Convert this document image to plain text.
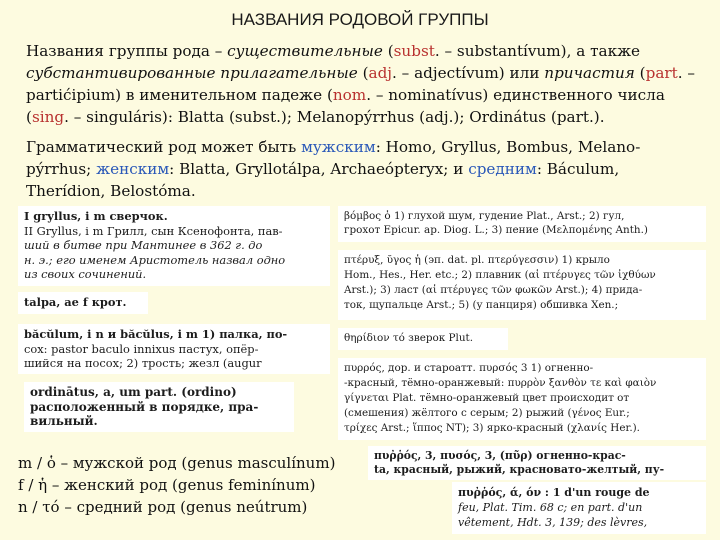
НАЗВАНИЯ РОДОВОЙ ГРУППЫ
Названия группы рода – существительные (subst. – substantívum), а также субстантивированные прилагательные (adj. – adjectívum) или причастия (part. – partićipium) в именительном падеже (nom. – nominatívus) единственного числа (sing. – singuláris): Blatta (subst.); Melanopýrrhus (adj.); Ordinátus (part.).
Грамматический род может быть мужским: Homo, Gryllus, Bombus, Melano-pýrrhus; женским: Blatta, Gryllotálpa, Archaeópteryx; и средним: Báculum, Therídion, Belostóma.
I gryllus, i m сверчок.
II Gryllus, i m Грилл, сын Ксенофонта, пав-
ший в битве при Мантинее в 362 г. до
н. э.; его именем Аристотель назвал одно
из своих сочинений.
talpa, ae f крот.
băcŭlum, i n и băcŭlus, i m 1) палка, по-
cox: pastor baculo innixus пастух, опёр-
шийся на посох; 2) трость; жезл (augur
ordinātus, a, um part. (ordino)
расположенный в порядке, пра-
вильный.
βόμβος ὁ 1) глухой шум, гудение Plat., Arst.; 2) гул,
грохот Epicur. ap. Diog. L.; 3) пение (Μελπομένης Anth.)
πτέρυξ, ῠγος ἡ (эп. dat. pl. πτερύγεσσιν) 1) крыло
Hom., Hes., Her. etc.; 2) плавник (αἱ πτέρυγες τῶν ἰχθύων
Arst.); 3) ласт (αἱ πτέρυγες τῶν φωκῶν Arst.); 4) прида-
ток, щупальце Arst.; 5) (у панциря) обшивка Xen.;
θηρίδιον τό зверок Plut.
πυρρός, дор. и староатт. πυρσός 3 1) огненно-
-красный, тёмно-оранжевый: πυρρὸν ξανθὸν τε καὶ φαιὸν
γίγνεται Plat. тёмно-оранжевый цвет происходит от
(смешения) жёлтого с серым; 2) рыжий (γένος Eur.;
τρίχες Arst.; ἵππος NT); 3) ярко-красный (χλανίς Her.).
πυῤῥός, 3, πυσός, 3, (πῦρ) огненно-крас-
ta, красный, рыжий, красновато-желтый, пу-
πυῤῥός, ά, όν : 1 d'un rouge de
feu, Plat. Tim. 68 c; en part. d'un
vêtement, Hdt. 3, 139; des lèvres,
m / ὁ – мужской род (genus masculínum)
f / ἡ – женский род (genus feminínum)
n / τό – средний род (genus neútrum)
